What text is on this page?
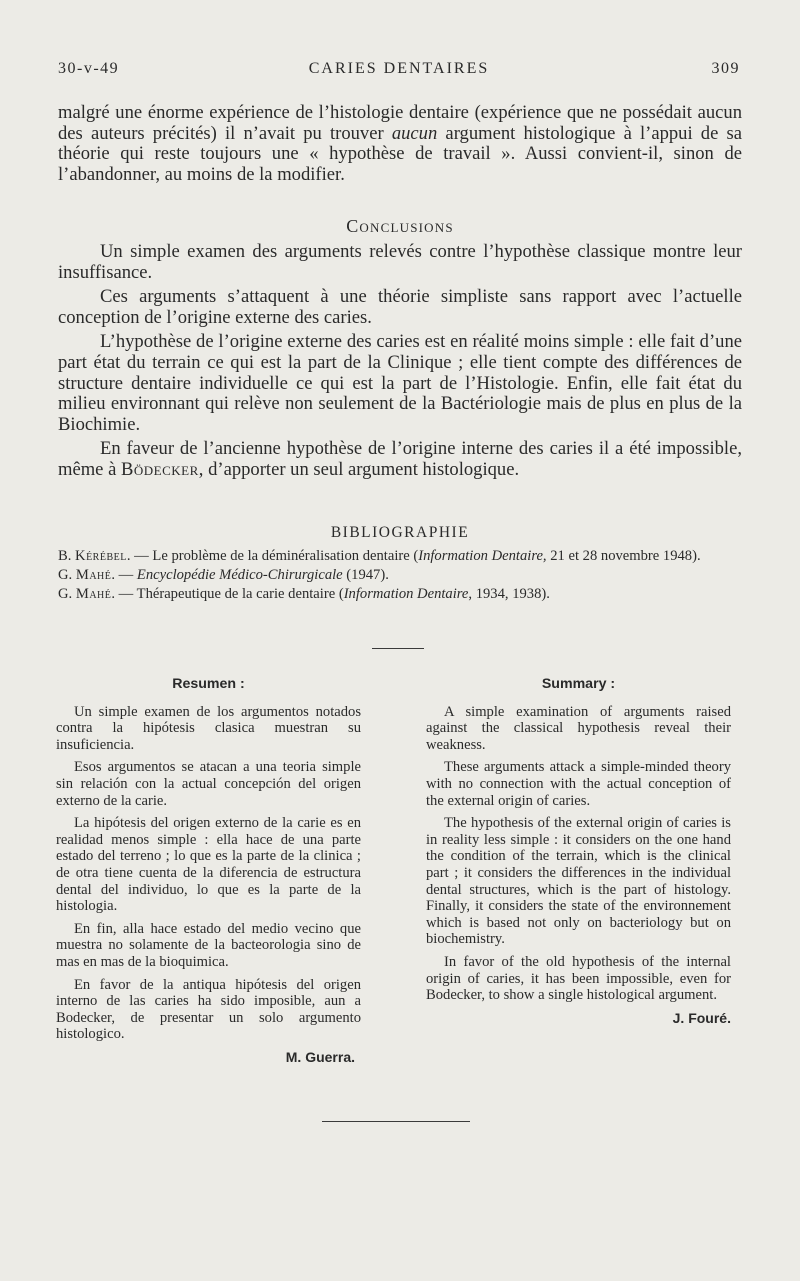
30-v-49	CARIES DENTAIRES	309

malgré une énorme expérience de l’histologie dentaire (expérience que ne possédait aucun des auteurs précités) il n’avait pu trouver aucun argument histologique à l’appui de sa théorie qui reste toujours une « hypothèse de travail ». Aussi convient-il, sinon de l’abandonner, au moins de la modifier.

Conclusions

Un simple examen des arguments relevés contre l’hypothèse classique montre leur insuffisance.

Ces arguments s’attaquent à une théorie simpliste sans rapport avec l’actuelle conception de l’origine externe des caries.

L’hypothèse de l’origine externe des caries est en réalité moins simple : elle fait d’une part état du terrain ce qui est la part de la Clinique ; elle tient compte des différences de structure dentaire individuelle ce qui est la part de l’Histologie. Enfin, elle fait état du milieu environnant qui relève non seulement de la Bactériologie mais de plus en plus de la Biochimie.

En faveur de l’ancienne hypothèse de l’origine interne des caries il a été impossible, même à Bödecker, d’apporter un seul argument histologique.

BIBLIOGRAPHIE

B. Kérébel. — Le problème de la déminéralisation dentaire (Information Dentaire, 21 et 28 novembre 1948).

G. Mahé. — Encyclopédie Médico-Chirurgicale (1947).

G. Mahé. — Thérapeutique de la carie dentaire (Information Dentaire, 1934, 1938).

Resumen :

Un simple examen de los argumentos notados contra la hipótesis clasica muestran su insuficiencia.

Esos argumentos se atacan a una teoria simple sin relación con la actual concepción del origen externo de la carie.

La hipótesis del origen externo de la carie es en realidad menos simple : ella hace de una parte estado del terreno ; lo que es la parte de la clinica ; de otra tiene cuenta de la diferencia de estructura dental del individuo, lo que es la parte de la histologia.

En fin, alla hace estado del medio vecino que muestra no solamente de la bacteorologia sino de mas en mas de la bioquimica.

En favor de la antiqua hipótesis del origen interno de las caries ha sido imposible, aun a Bodecker, de presentar un solo argumento histologico.

M. Guerra.
Summary :

A simple examination of arguments raised against the classical hypothesis reveal their weakness.

These arguments attack a simple-minded theory with no connection with the actual conception of the external origin of caries.

The hypothesis of the external origin of caries is in reality less simple : it considers on the one hand the condition of the terrain, which is the clinical part ; it considers the differences in the individual dental structures, which is the part of histology. Finally, it considers the state of the environnement which is based not only on bacteriology but on biochemistry.

In favor of the old hypothesis of the internal origin of caries, it has been impossible, even for Bodecker, to show a single histological argument.

J. Fouré.
